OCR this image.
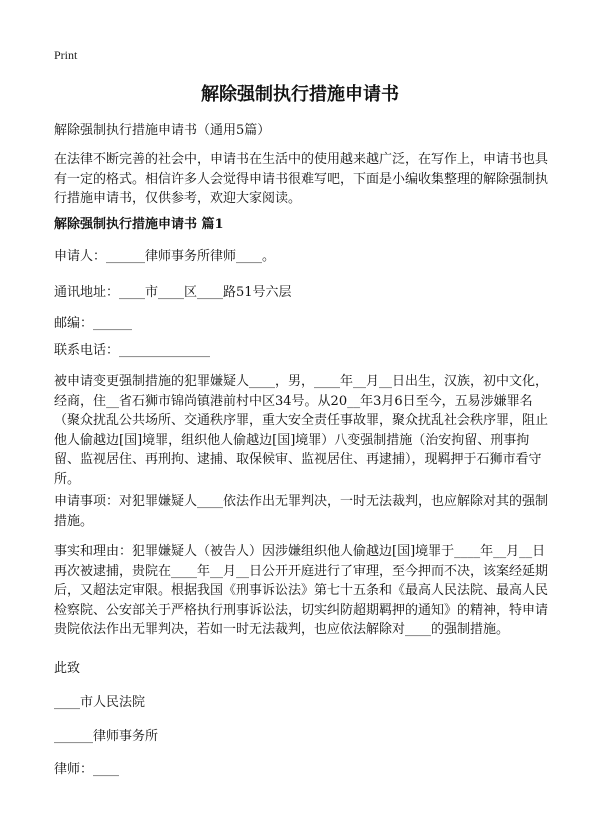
Print
解除强制执行措施申请书
解除强制执行措施申请书（通用5篇）
在法律不断完善的社会中，申请书在生活中的使用越来越广泛，在写作上，申请书也具有一定的格式。相信许多人会觉得申请书很难写吧，下面是小编收集整理的解除强制执行措施申请书，仅供参考，欢迎大家阅读。
解除强制执行措施申请书 篇1
申请人：______律师事务所律师____。
通讯地址：____市____区____路51号六层
邮编：______
联系电话：______________
被申请变更强制措施的犯罪嫌疑人____，男，____年__月__日出生，汉族，初中文化，经商，住__省石狮市锦尚镇港前村中区34号。从20__年3月6日至今，五易涉嫌罪名（聚众扰乱公共场所、交通秩序罪，重大安全责任事故罪，聚众扰乱社会秩序罪，阻止他人偷越边[国]境罪，组织他人偷越边[国]境罪）八变强制措施（治安拘留、刑事拘留、监视居住、再刑拘、逮捕、取保候审、监视居住、再逮捕），现羁押于石狮市看守所。
申请事项：对犯罪嫌疑人____依法作出无罪判决，一时无法裁判，也应解除对其的强制措施。
事实和理由：犯罪嫌疑人（被告人）因涉嫌组织他人偷越边[国]境罪于____年__月__日再次被逮捕，贵院在____年__月__日公开开庭进行了审理，至今押而不决，该案经延期后，又超法定审限。根据我国《刑事诉讼法》第七十五条和《最高人民法院、最高人民检察院、公安部关于严格执行刑事诉讼法，切实纠防超期羁押的通知》的精神，特申请贵院依法作出无罪判决，若如一时无法裁判，也应依法解除对____的强制措施。
此致
____市人民法院
______律师事务所
律师：____
